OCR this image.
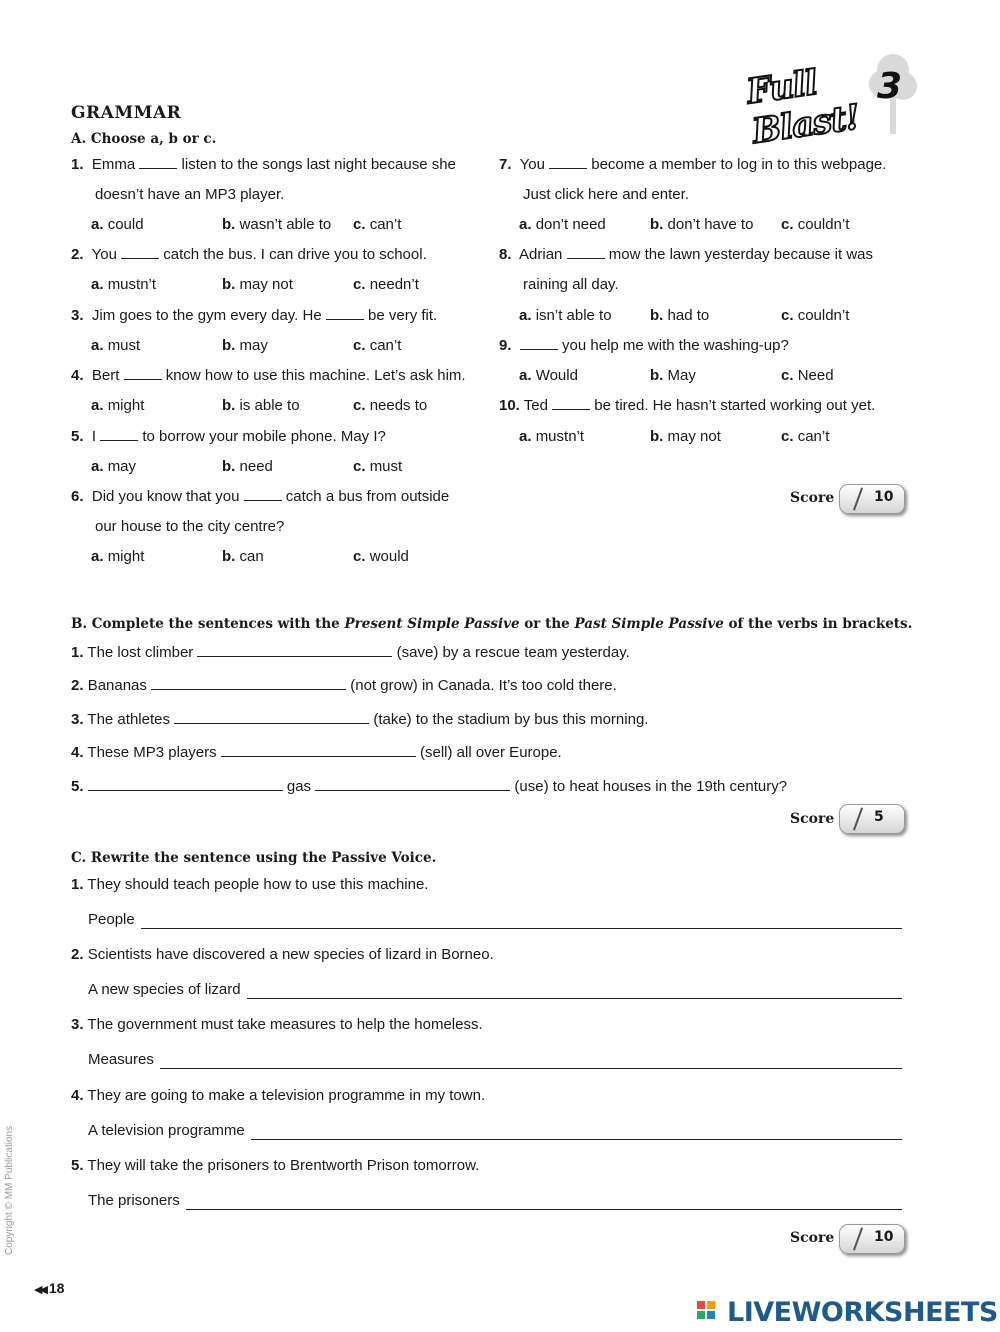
Full Blast!
3
GRAMMAR
A. Choose a, b or c.
1. Emma	listen to the songs last night because she
doesn’t have an MP3 player.
a. could	b. wasn’t able to c. can’t
2. You	catch the bus. I can drive you to school.
a. mustn’t	b. may not	c. needn’t
3. Jim goes to the gym every day. He	be very fit.
a. must	b. may	c. can’t
4. Bert	know how to use this machine. Let’s ask him.
a. might	b. is able to	c. needs to
5. I	to borrow your mobile phone. May I?
a. may	b. need	c. must
6. Did you know that you	catch a bus from outside
our house to the city centre?
a. might	b. can	c. would
7. You	become a member to log in to this webpage.
Just click here and enter.
a. don’t need	b. don’t have to c. couldn’t
8. Adrian	mow the lawn yesterday because it was
raining all day.
a. isn’t able to	b. had to	c. couldn’t
9.	you help me with the washing-up?
a. Would	b. May	c. Need
10. Ted	be tired. He hasn’t started working out yet.
a. mustn’t	b. may not	c. can’t
Score	10
B. Complete the sentences with the Present Simple Passive or the Past Simple Passive of the verbs in brackets.
1. The lost climber	(save) by a rescue team yesterday.
2. Bananas	(not grow) in Canada. It’s too cold there.
3. The athletes	(take) to the stadium by bus this morning.
4. These MP3 players	(sell) all over Europe.
5.	gas	(use) to heat houses in the 19th century?
Score	5
C. Rewrite the sentence using the Passive Voice.
1. They should teach people how to use this machine.
People

2. Scientists have discovered a new species of lizard in Borneo.
A new species of lizard

3. The government must take measures to help the homeless.
Measures

4. They are going to make a television programme in my town.
A television programme

5. They will take the prisoners to Brentworth Prison tomorrow.
The prisoners

Score	10
Copyright © MM Publications
◀◀ 18
LIVEWORKSHEETS
